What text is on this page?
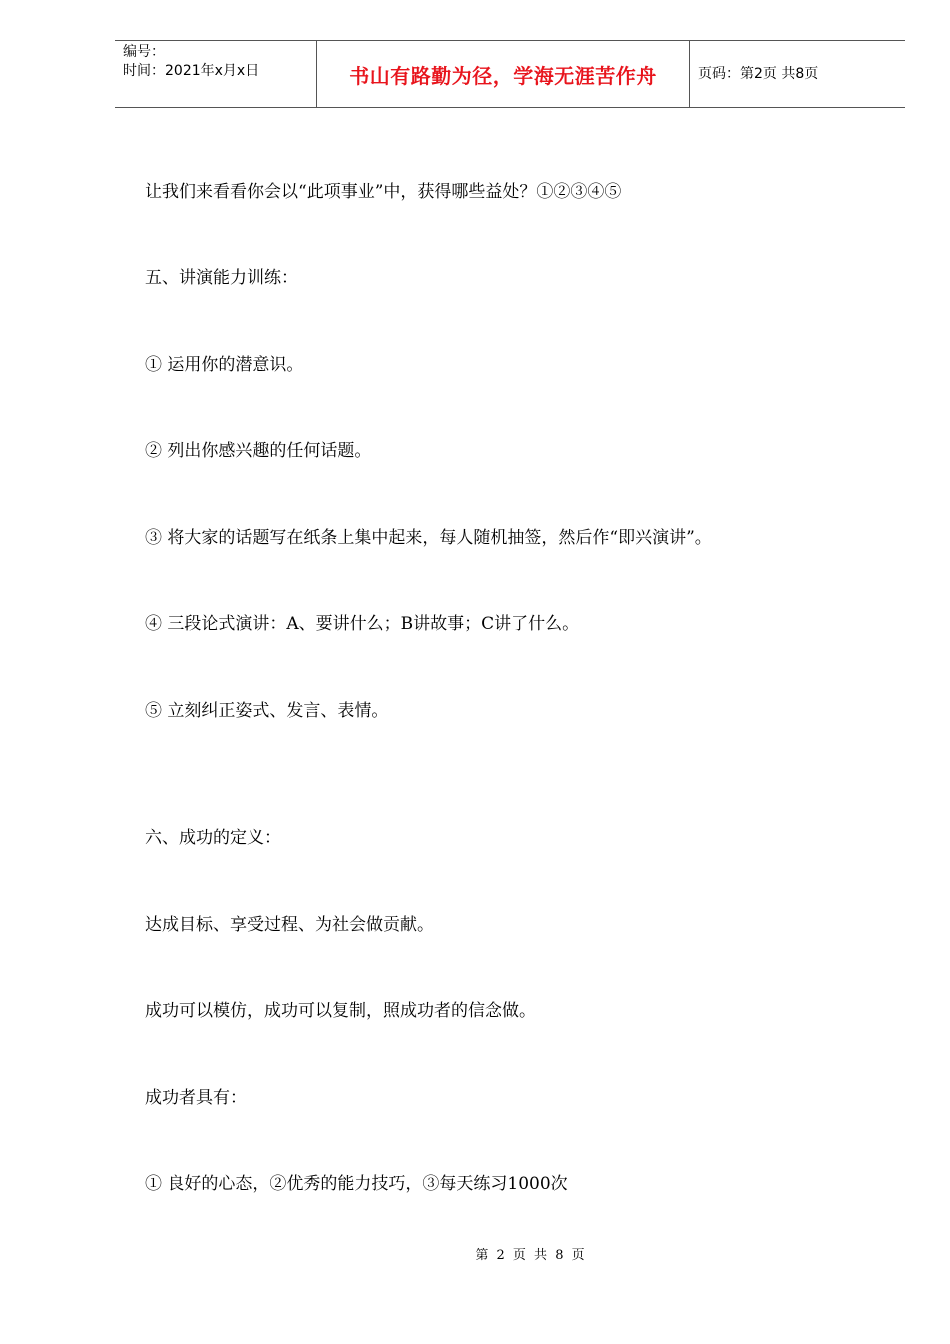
编号：
时间：2021年x月x日	书山有路勤为径，学海无涯苦作舟	页码：第2页 共8页
让我们来看看你会以“此项事业”中，获得哪些益处？①②③④⑤
五、讲演能力训练：
① 运用你的潜意识。
② 列出你感兴趣的任何话题。
③ 将大家的话题写在纸条上集中起来，每人随机抽签，然后作“即兴演讲”。
④ 三段论式演讲：A、要讲什么；B讲故事；C讲了什么。
⑤ 立刻纠正姿式、发言、表情。
六、成功的定义：
达成目标、享受过程、为社会做贡献。
成功可以模仿，成功可以复制，照成功者的信念做。
成功者具有：
① 良好的心态，②优秀的能力技巧，③每天练习1000次
第 2 页 共 8 页
